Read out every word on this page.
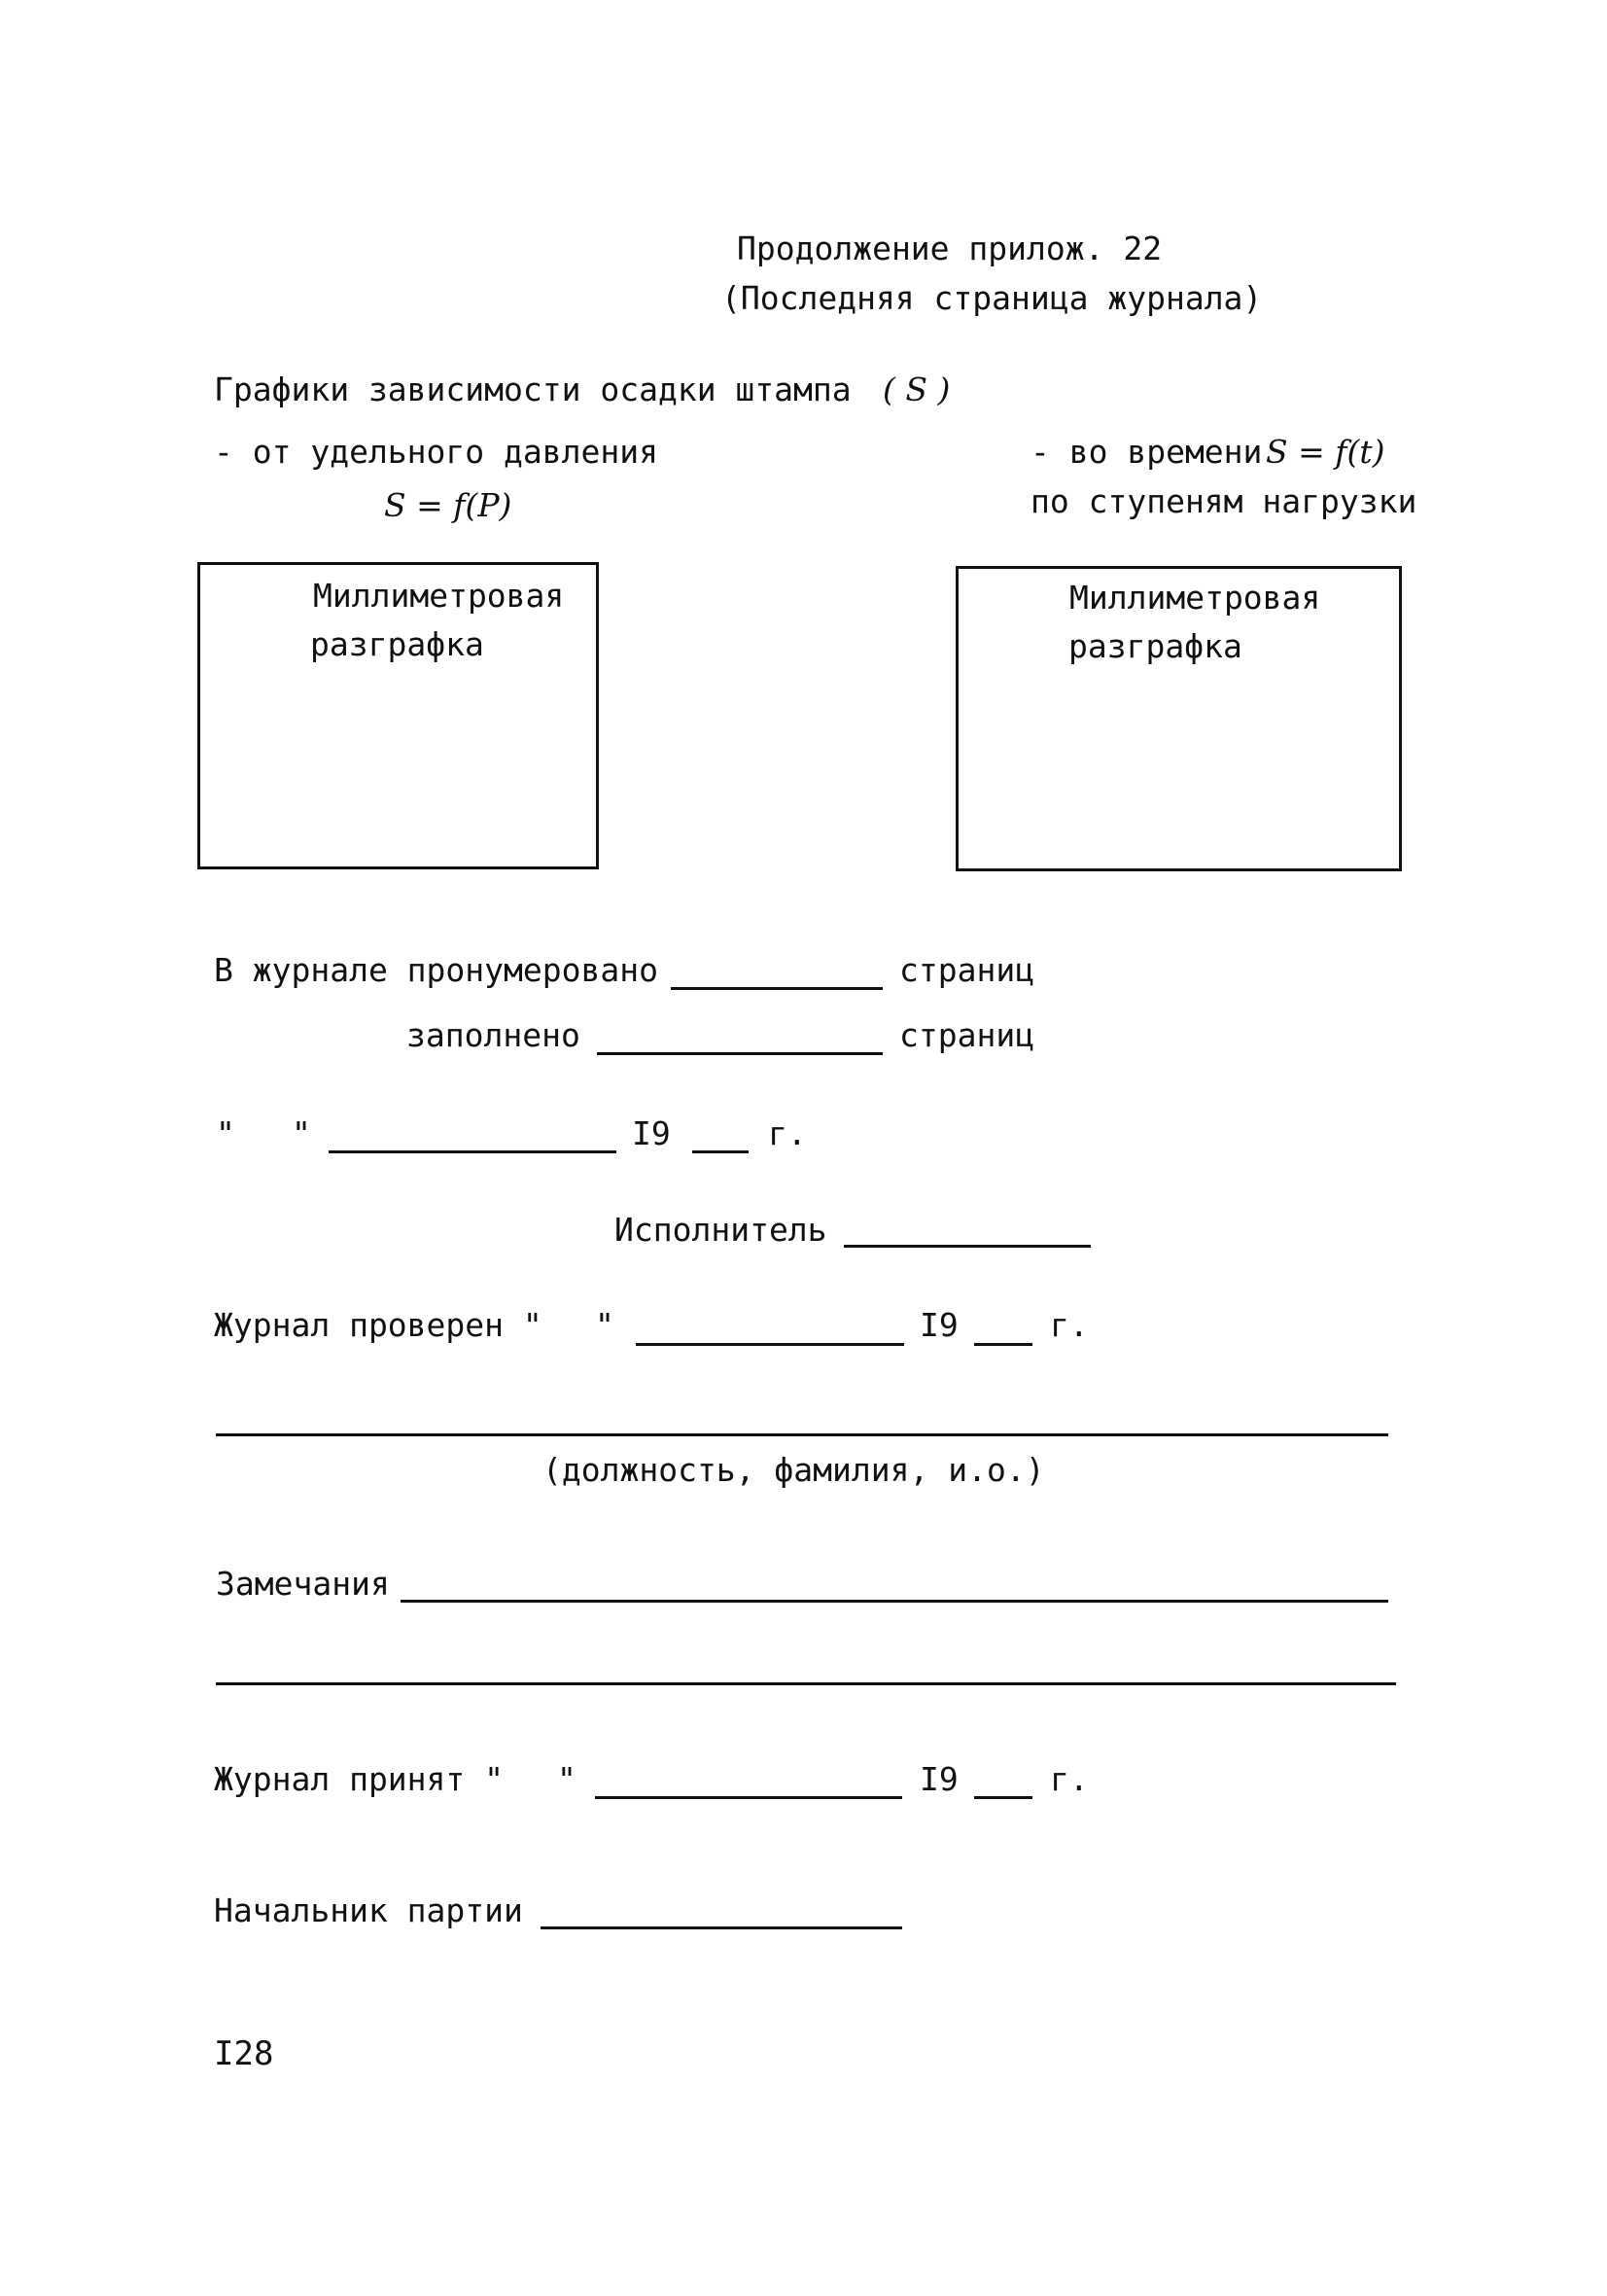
Продолжение прилож. 22
(Последняя страница журнала)
Графики зависимости осадки штампа ( S )
- от удельного давления
S = f(P)
- во времени S = f(t)
по ступеням нагрузки
Миллиметровая
разграфка
Миллиметровая
разграфка
В журнале пронумеровано	страниц
заполнено	страниц
" "	I9	г.
Исполнитель
Журнал проверен " "	I9	г.
(должность, фамилия, и.о.)
Замечания
Журнал принят " "	I9	г.
Начальник партии
I28
